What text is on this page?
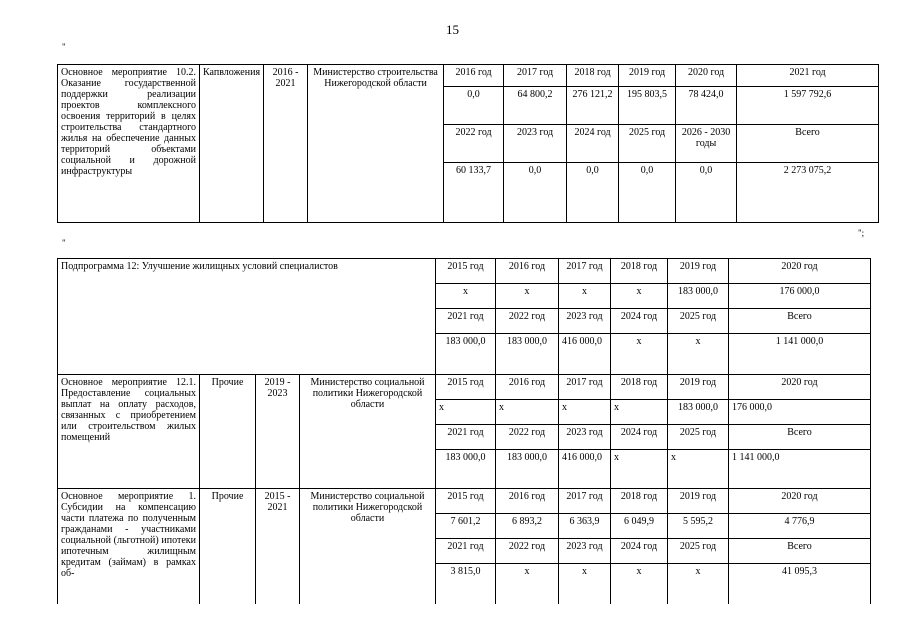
15
"
";
"
Основное мероприятие 10.2. Оказание государственной поддержки реализации проектов комплексного освоения территорий в целях строительства стандартного жилья на обеспечение данных территорий объектами социальной и дорожной инфраструктуры	Капвложения	2016 - 2021	Министерство строительства Нижегородской области	2016 год	2017 год	2018 год	2019 год	2020 год	2021 год
				0,0	64 800,2	276 121,2	195 803,5	78 424,0	1 597 792,6
				2022 год	2023 год	2024 год	2025 год	2026 - 2030 годы	Всего
				60 133,7	0,0	0,0	0,0	0,0	2 273 075,2
Подпрограмма 12: Улучшение жилищных условий специалистов	2015 год	2016 год	2017 год	2018 год	2019 год	2020 год
	х	х	х	х	183 000,0	176 000,0
	2021 год	2022 год	2023 год	2024 год	2025 год	Всего
	183 000,0	183 000,0	416 000,0	х	х	1 141 000,0
Основное мероприятие 12.1. Предоставление социальных выплат на оплату расходов, связанных с приобретением или строительством жилых помещений	Прочие	2019 - 2023	Министерство социальной политики Нижегородской области	2015 год	2016 год	2017 год	2018 год	2019 год	2020 год
				х	х	х	х	183 000,0	176 000,0
				2021 год	2022 год	2023 год	2024 год	2025 год	Всего
				183 000,0	183 000,0	416 000,0	х	х	1 141 000,0
Основное мероприятие 1. Субсидии на компенсацию части платежа по полученным гражданами - участниками социальной (льготной) ипотеки ипотечным жилищным кредитам (займам) в рамках об-	Прочие	2015 - 2021	Министерство социальной политики Нижегородской области	2015 год	2016 год	2017 год	2018 год	2019 год	2020 год
				7 601,2	6 893,2	6 363,9	6 049,9	5 595,2	4 776,9
				2021 год	2022 год	2023 год	2024 год	2025 год	Всего
				3 815,0	х	х	х	х	41 095,3
